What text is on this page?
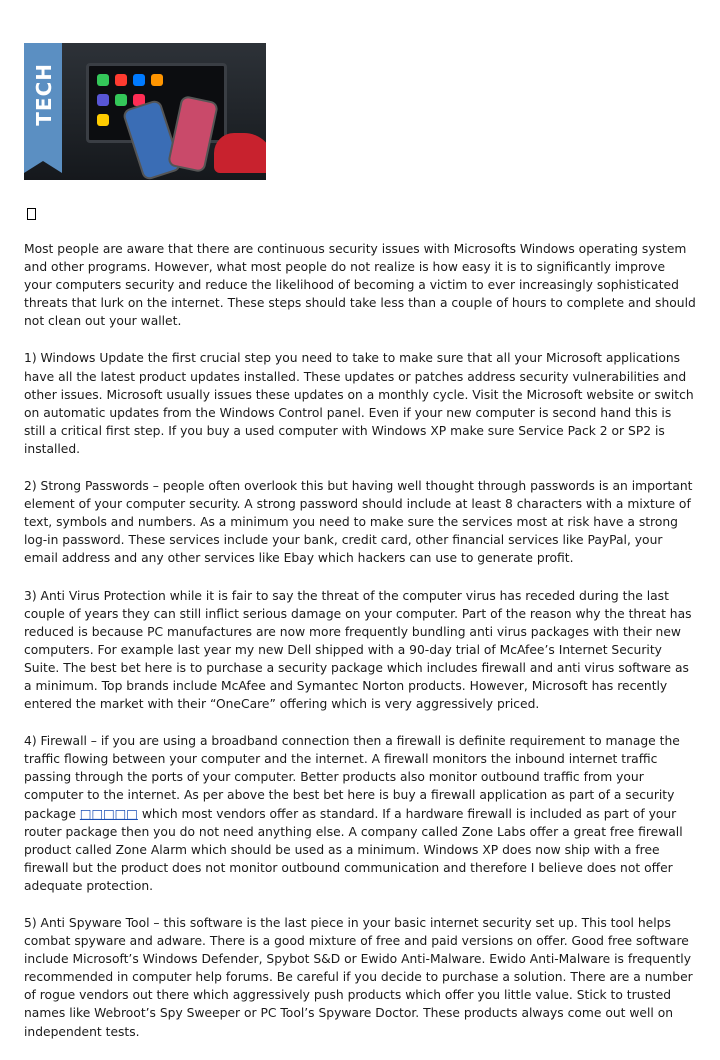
TECH

Most people are aware that there are continuous security issues with Microsofts Windows operating system and other programs. However, what most people do not realize is how easy it is to significantly improve your computers security and reduce the likelihood of becoming a victim to ever increasingly sophisticated threats that lurk on the internet. These steps should take less than a couple of hours to complete and should not clean out your wallet.

1) Windows Update the first crucial step you need to take to make sure that all your Microsoft applications have all the latest product updates installed. These updates or patches address security vulnerabilities and other issues. Microsoft usually issues these updates on a monthly cycle. Visit the Microsoft website or switch on automatic updates from the Windows Control panel. Even if your new computer is second hand this is still a critical first step. If you buy a used computer with Windows XP make sure Service Pack 2 or SP2 is installed.

2) Strong Passwords – people often overlook this but having well thought through passwords is an important element of your computer security. A strong password should include at least 8 characters with a mixture of text, symbols and numbers. As a minimum you need to make sure the services most at risk have a strong log-in password. These services include your bank, credit card, other financial services like PayPal, your email address and any other services like Ebay which hackers can use to generate profit.

3) Anti Virus Protection while it is fair to say the threat of the computer virus has receded during the last couple of years they can still inflict serious damage on your computer. Part of the reason why the threat has reduced is because PC manufactures are now more frequently bundling anti virus packages with their new computers. For example last year my new Dell shipped with a 90-day trial of McAfee’s Internet Security Suite. The best bet here is to purchase a security package which includes firewall and anti virus software as a minimum. Top brands include McAfee and Symantec Norton products. However, Microsoft has recently entered the market with their “OneCare” offering which is very aggressively priced.

4) Firewall – if you are using a broadband connection then a firewall is definite requirement to manage the traffic flowing between your computer and the internet. A firewall monitors the inbound internet traffic passing through the ports of your computer. Better products also monitor outbound traffic from your computer to the internet. As per above the best bet here is buy a firewall application as part of a security package □□□□□ which most vendors offer as standard. If a hardware firewall is included as part of your router package then you do not need anything else. A company called Zone Labs offer a great free firewall product called Zone Alarm which should be used as a minimum. Windows XP does now ship with a free firewall but the product does not monitor outbound communication and therefore I believe does not offer adequate protection.

5) Anti Spyware Tool – this software is the last piece in your basic internet security set up. This tool helps combat spyware and adware. There is a good mixture of free and paid versions on offer. Good free software include Microsoft’s Windows Defender, Spybot S&D or Ewido Anti-Malware. Ewido Anti-Malware is frequently recommended in computer help forums. Be careful if you decide to purchase a solution. There are a number of rogue vendors out there which aggressively push products which offer you little value. Stick to trusted names like Webroot’s Spy Sweeper or PC Tool’s Spyware Doctor. These products always come out well on independent tests.
